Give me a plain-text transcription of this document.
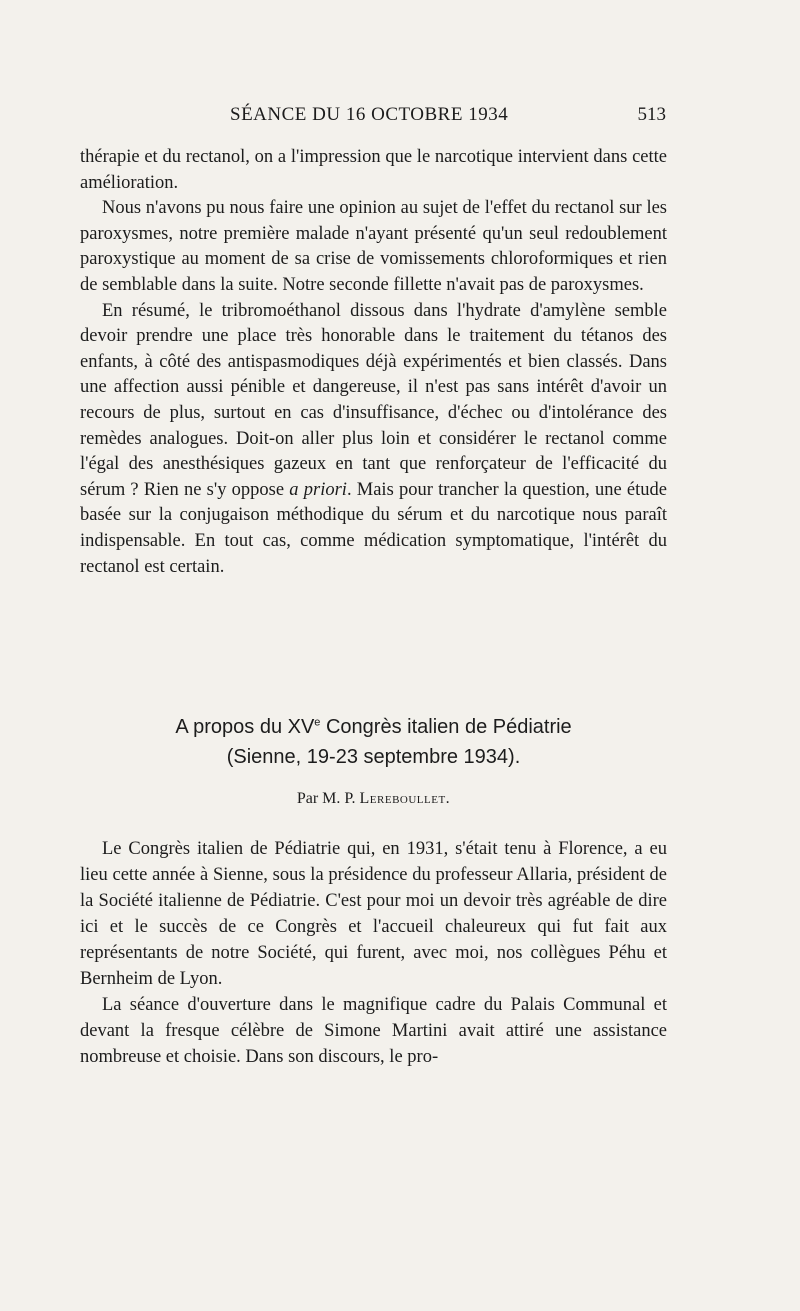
SÉANCE DU 16 OCTOBRE 1934	513

thérapie et du rectanol, on a l'impression que le narcotique intervient dans cette amélioration.

Nous n'avons pu nous faire une opinion au sujet de l'effet du rectanol sur les paroxysmes, notre première malade n'ayant présenté qu'un seul redoublement paroxystique au moment de sa crise de vomissements chloroformiques et rien de semblable dans la suite. Notre seconde fillette n'avait pas de paroxysmes.

En résumé, le tribromoéthanol dissous dans l'hydrate d'amylène semble devoir prendre une place très honorable dans le traitement du tétanos des enfants, à côté des antispasmodiques déjà expérimentés et bien classés. Dans une affection aussi pénible et dangereuse, il n'est pas sans intérêt d'avoir un recours de plus, surtout en cas d'insuffisance, d'échec ou d'intolérance des remèdes analogues. Doit-on aller plus loin et considérer le rectanol comme l'égal des anesthésiques gazeux en tant que renforçateur de l'efficacité du sérum ? Rien ne s'y oppose a priori. Mais pour trancher la question, une étude basée sur la conjugaison méthodique du sérum et du narcotique nous paraît indispensable. En tout cas, comme médication symptomatique, l'intérêt du rectanol est certain.

A propos du XVe Congrès italien de Pédiatrie
(Sienne, 19-23 septembre 1934).
Par M. P. Lereboullet.

Le Congrès italien de Pédiatrie qui, en 1931, s'était tenu à Florence, a eu lieu cette année à Sienne, sous la présidence du professeur Allaria, président de la Société italienne de Pédiatrie. C'est pour moi un devoir très agréable de dire ici et le succès de ce Congrès et l'accueil chaleureux qui fut fait aux représentants de notre Société, qui furent, avec moi, nos collègues Péhu et Bernheim de Lyon.

La séance d'ouverture dans le magnifique cadre du Palais Communal et devant la fresque célèbre de Simone Martini avait attiré une assistance nombreuse et choisie. Dans son discours, le pro-
